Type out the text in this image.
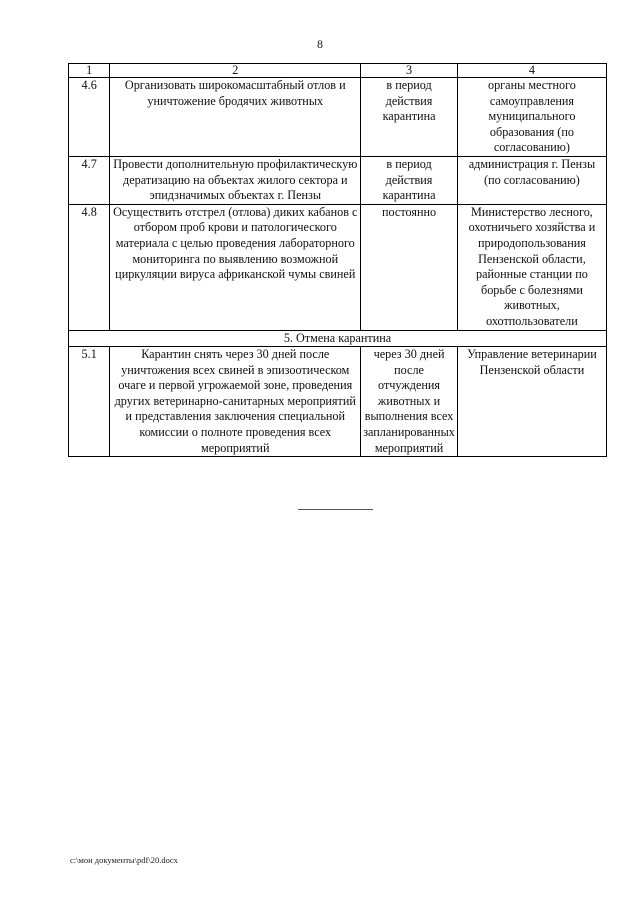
8
1	2	3	4
4.6	Организовать широкомасштабный отлов и уничтожение бродячих животных	в период действия карантина	органы местного самоуправления муниципального образования (по согласованию)
4.7	Провести дополнительную профилактическую дератизацию на объектах жилого сектора и эпидзначимых объектах г. Пензы	в период действия карантина	администрация г. Пензы (по согласованию)
4.8	Осуществить отстрел (отлова) диких кабанов с отбором проб крови и патологического материала с целью проведения лабораторного мониторинга по выявлению возможной циркуляции вируса африканской чумы свиней	постоянно	Министерство лесного, охотничьего хозяйства и природопользования Пензенской области, районные станции по борьбе с болезнями животных, охотпользователи
5. Отмена карантина			
5.1	Карантин снять через 30 дней после уничтожения всех свиней в эпизоотическом очаге и первой угрожаемой зоне, проведения других ветеринарно-санитарных мероприятий и представления заключения специальной комиссии о полноте проведения всех мероприятий	через 30 дней после отчуждения животных и выполнения всех запланированных мероприятий	Управление ветеринарии Пензенской области
c:\мои документы\pdf\20.docx
